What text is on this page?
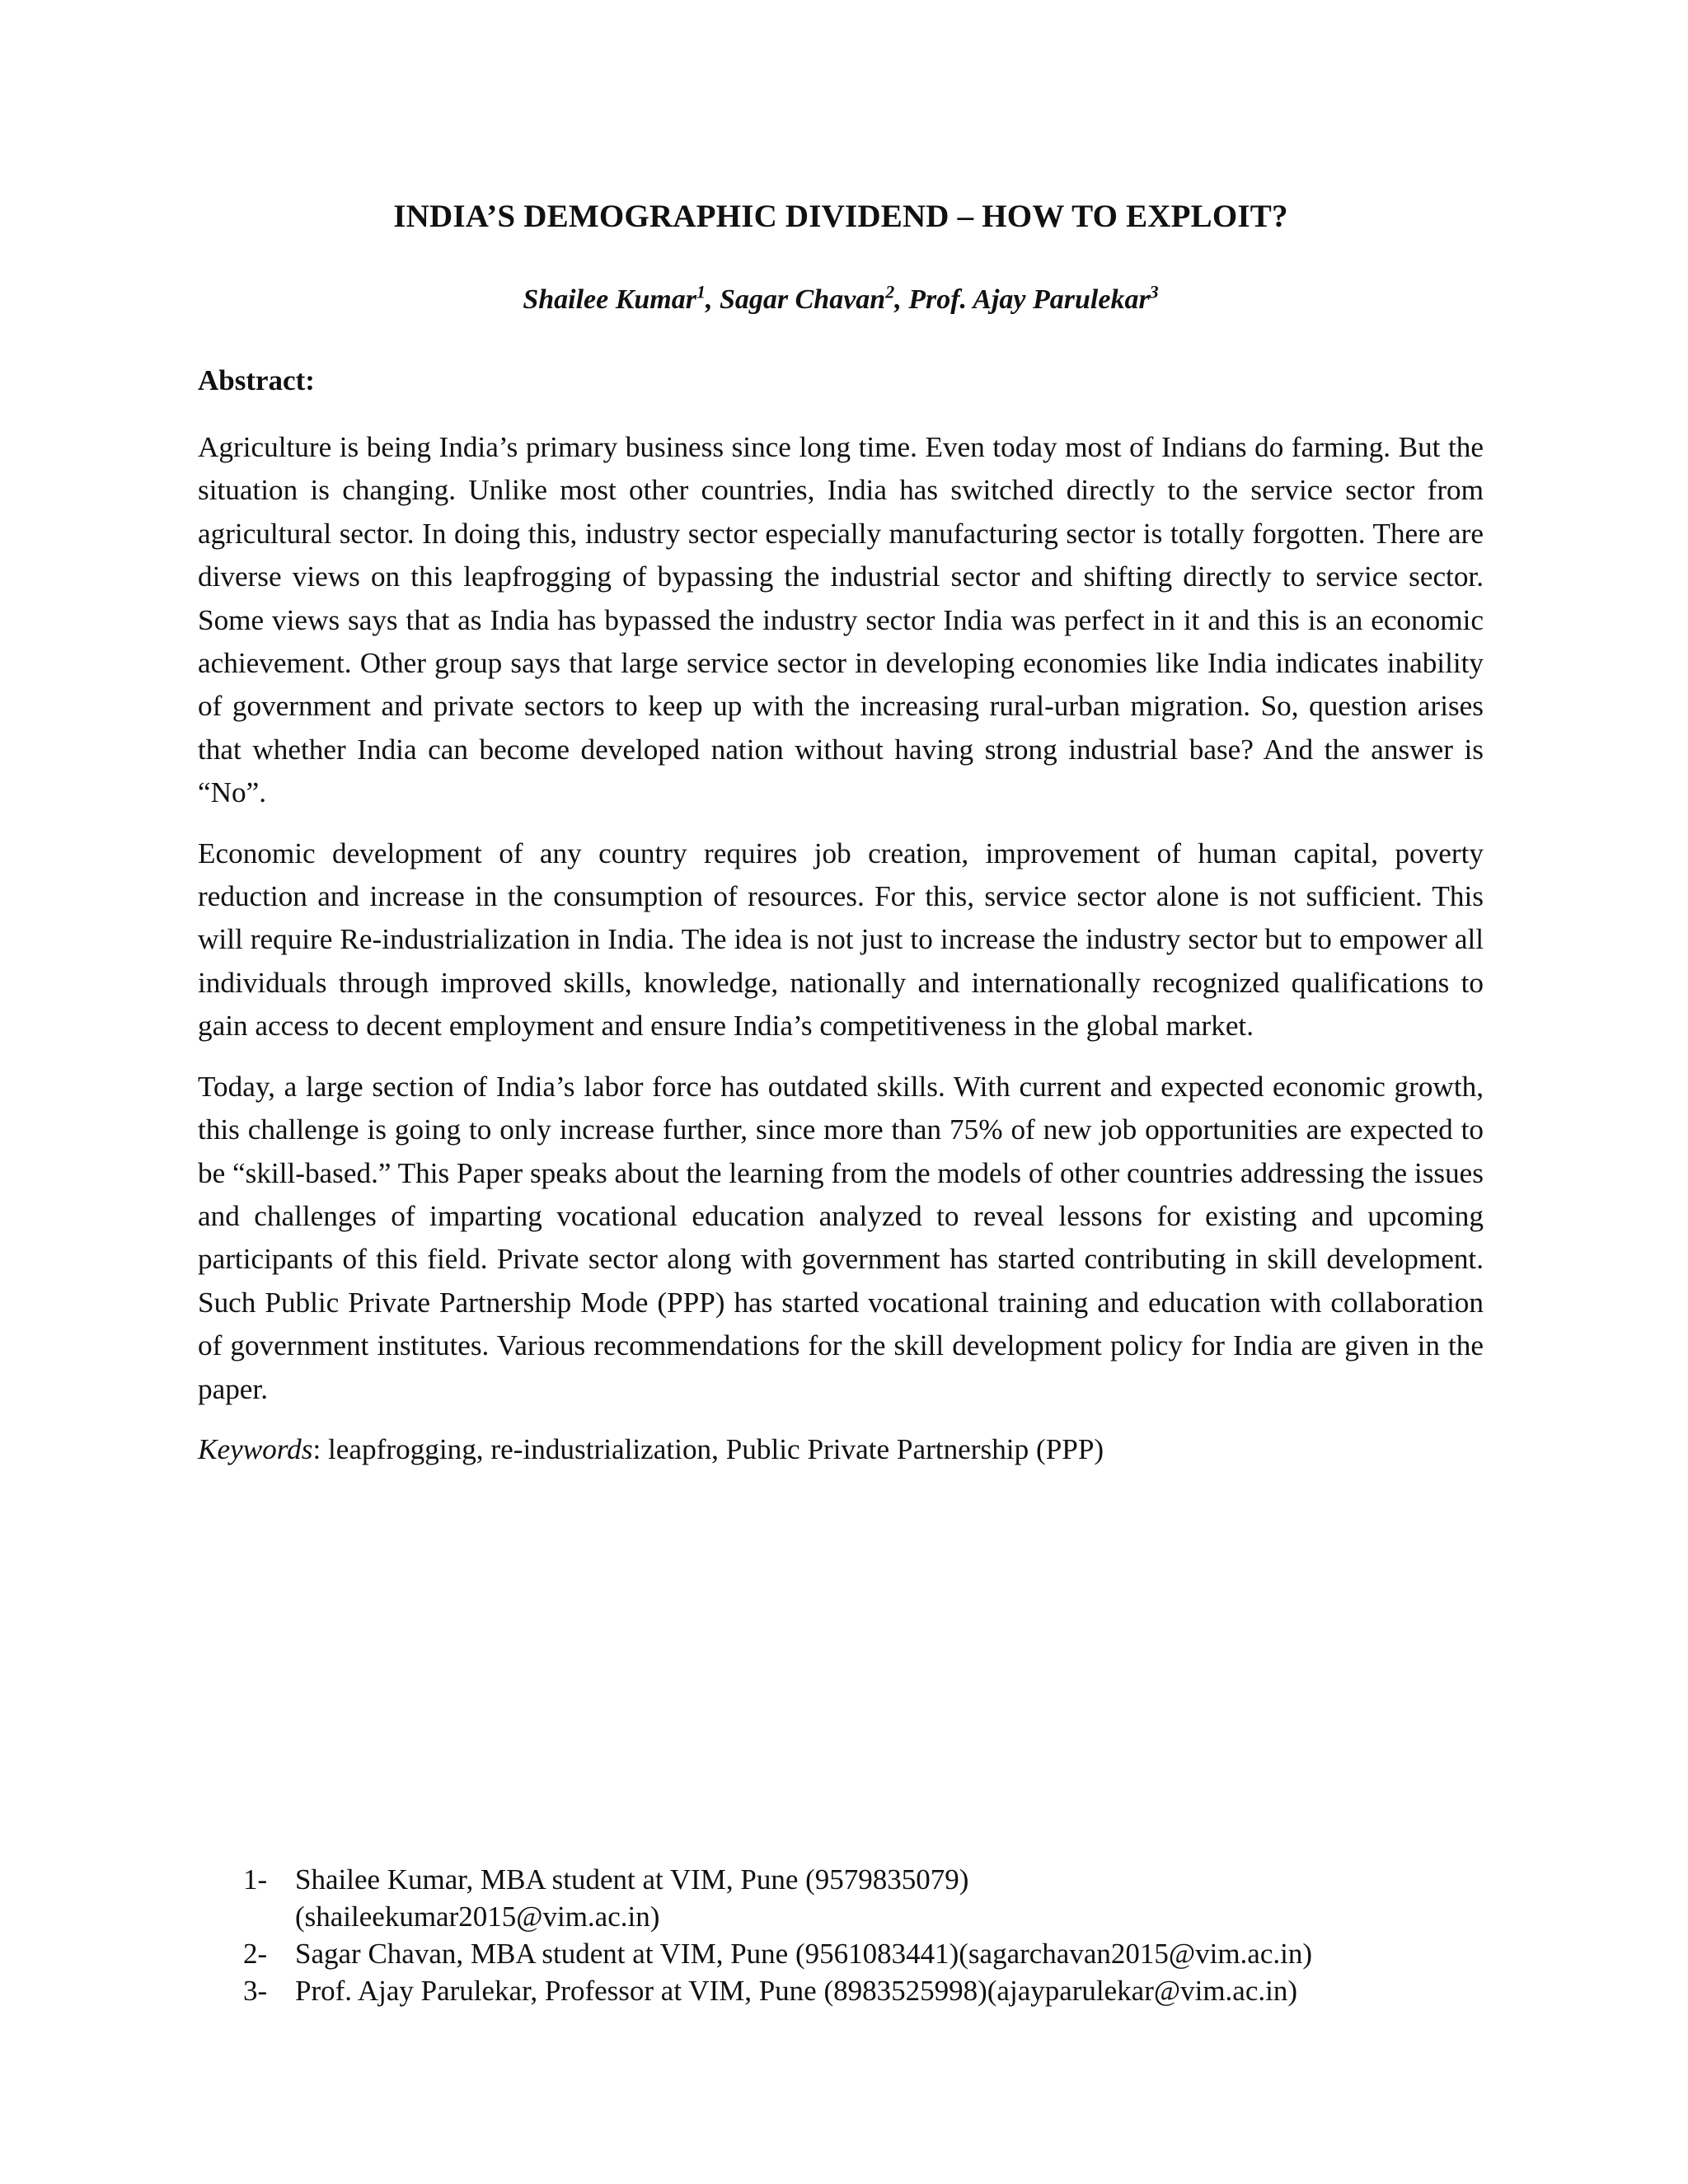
INDIA’S DEMOGRAPHIC DIVIDEND – HOW TO EXPLOIT?
Shailee Kumar$^1$, Sagar Chavan$^2$, Prof. Ajay Parulekar$^3$
Abstract:

Agriculture is being India’s primary business since long time. Even today most of Indians do farming. But the situation is changing. Unlike most other countries, India has switched directly to the service sector from agricultural sector. In doing this, industry sector especially manufacturing sector is totally forgotten. There are diverse views on this leapfrogging of bypassing the industrial sector and shifting directly to service sector. Some views says that as India has bypassed the industry sector India was perfect in it and this is an economic achievement. Other group says that large service sector in developing economies like India indicates inability of government and private sectors to keep up with the increasing rural-urban migration. So, question arises that whether India can become developed nation without having strong industrial base? And the answer is “No”.

Economic development of any country requires job creation, improvement of human capital, poverty reduction and increase in the consumption of resources. For this, service sector alone is not sufficient. This will require Re-industrialization in India. The idea is not just to increase the industry sector but to empower all individuals through improved skills, knowledge, nationally and internationally recognized qualifications to gain access to decent employment and ensure India’s competitiveness in the global market.

Today, a large section of India’s labor force has outdated skills. With current and expected economic growth, this challenge is going to only increase further, since more than 75% of new job opportunities are expected to be “skill-based.” This Paper speaks about the learning from the models of other countries addressing the issues and challenges of imparting vocational education analyzed to reveal lessons for existing and upcoming participants of this field. Private sector along with government has started contributing in skill development. Such Public Private Partnership Mode (PPP) has started vocational training and education with collaboration of government institutes. Various recommendations for the skill development policy for India are given in the paper.

Keywords: leapfrogging, re-industrialization, Public Private Partnership (PPP)
1- Shailee Kumar, MBA student at VIM, Pune (9579835079)
(shaileekumar2015@vim.ac.in)
2- Sagar Chavan, MBA student at VIM, Pune (9561083441)(sagarchavan2015@vim.ac.in)
3- Prof. Ajay Parulekar, Professor at VIM, Pune (8983525998)(ajayparulekar@vim.ac.in)
